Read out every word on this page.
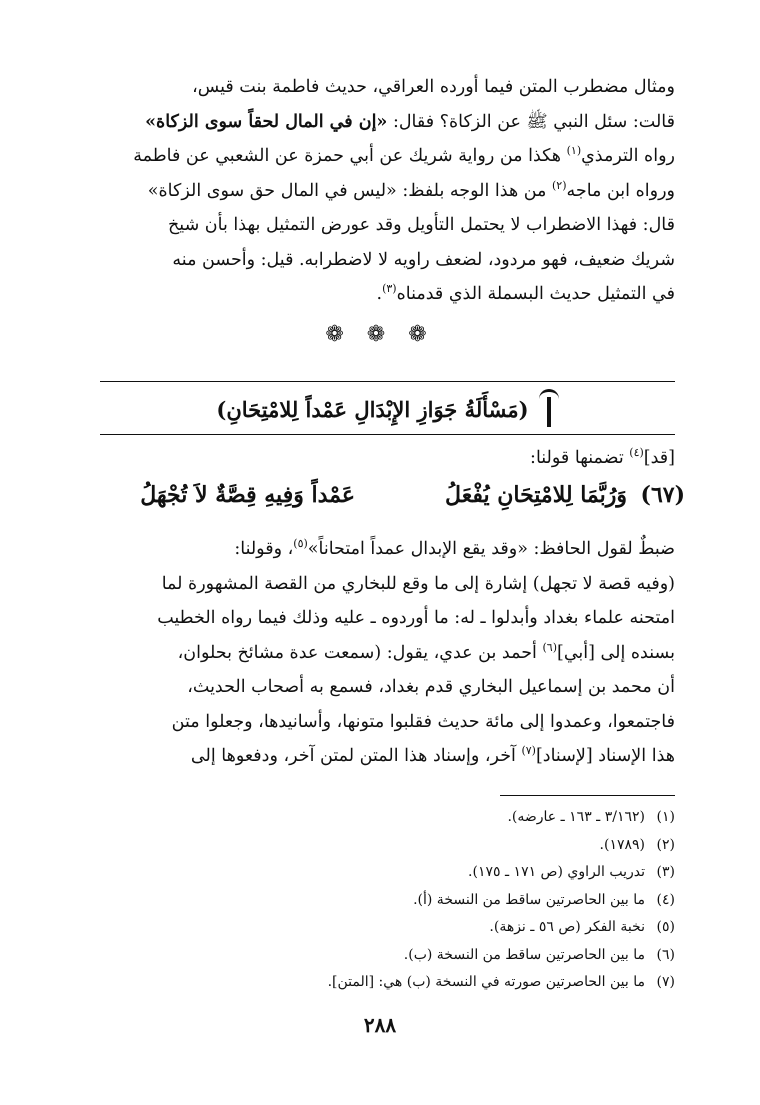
ومثال مضطرب المتن فيما أورده العراقي، حديث فاطمة بنت قيس،
قالت: سئل النبي ﷺ عن الزكاة؟ فقال: «إن في المال لحقاً سوى الزكاة»
رواه الترمذي$^{(١)}$ هكذا من رواية شريك عن أبي حمزة عن الشعبي عن فاطمة
ورواه ابن ماجه$^{(٢)}$ من هذا الوجه بلفظ: «ليس في المال حق سوى الزكاة»
قال: فهذا الاضطراب لا يحتمل التأويل وقد عورض التمثيل بهذا بأن شيخ
شريك ضعيف، فهو مردود، لضعف راويه لا لاضطرابه. قيل: وأحسن منه
في التمثيل حديث البسملة الذي قدمناه$^{(٣)}$.
❁ ❁ ❁
(مَسْأَلَةُ جَوَازِ الإِبْدَالِ عَمْداً لِلامْتِحَانِ)
[قد]$^{(٤)}$ تضمنها قولنا:
(٦٧)
وَرُبَّمَا لِلامْتِحَانِ يُفْعَلُ
عَمْداً وَفِيهِ قِصَّةٌ لاَ تُجْهَلُ
ضبطٌ لقول الحافظ: «وقد يقع الإبدال عمداً امتحاناً»$^{(٥)}$، وقولنا:
(وفيه قصة لا تجهل) إشارة إلى ما وقع للبخاري من القصة المشهورة لما
امتحنه علماء بغداد وأبدلوا ـ له: ما أوردوه ـ عليه وذلك فيما رواه الخطيب
بسنده إلى [أبي]$^{(٦)}$ أحمد بن عدي، يقول: (سمعت عدة مشائخ بحلوان،
أن محمد بن إسماعيل البخاري قدم بغداد، فسمع به أصحاب الحديث،
فاجتمعوا، وعمدوا إلى مائة حديث فقلبوا متونها، وأسانيدها، وجعلوا متن
هذا الإسناد [لإسناد]$^{(٧)}$ آخر، وإسناد هذا المتن لمتن آخر، ودفعوها إلى
(١)(٣/١٦٢ ـ ١٦٣ ـ عارضه).
(٢)(١٧٨٩).
(٣)تدريب الراوي (ص ١٧١ ـ ١٧٥).
(٤)ما بين الحاصرتين ساقط من النسخة (أ).
(٥)نخبة الفكر (ص ٥٦ ـ نزهة).
(٦)ما بين الحاصرتين ساقط من النسخة (ب).
(٧)ما بين الحاصرتين صورته في النسخة (ب) هي: [المتن].
٢٨٨
